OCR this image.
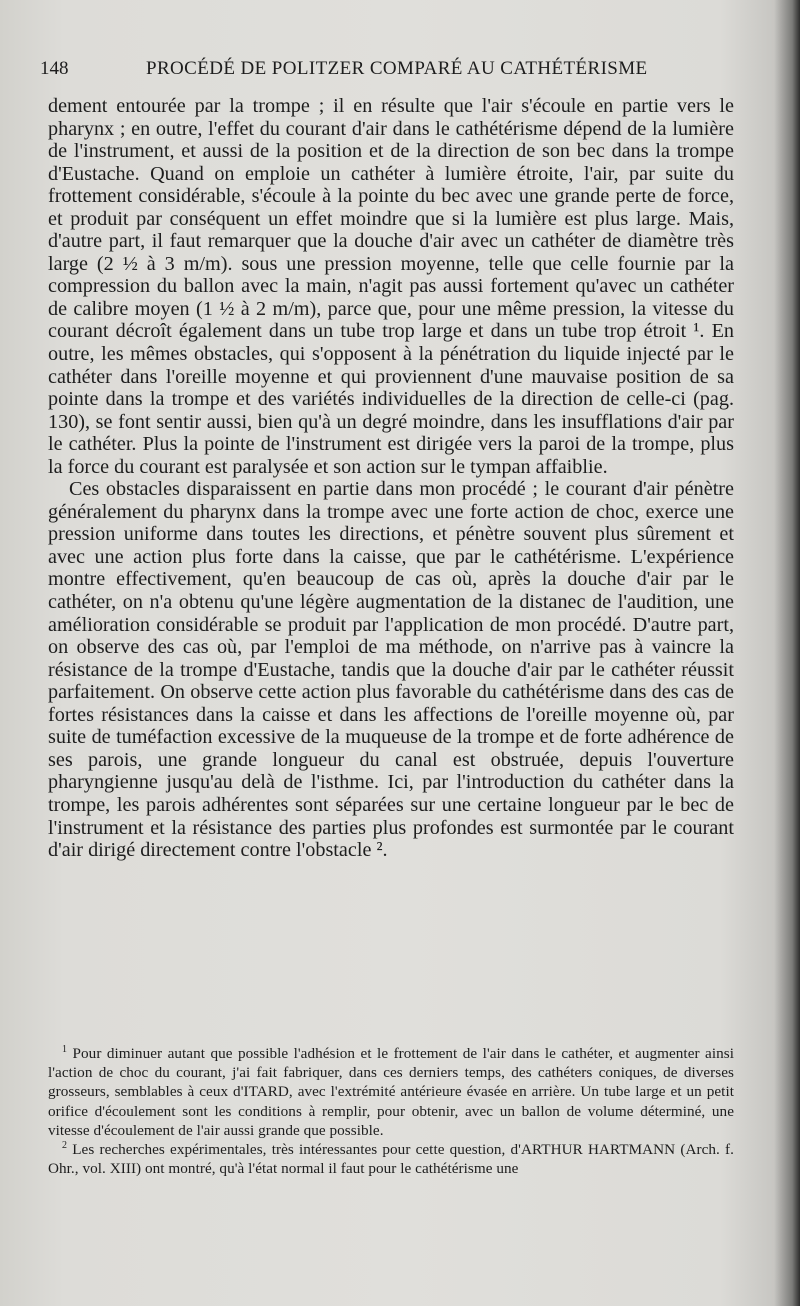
148	PROCÉDÉ DE POLITZER COMPARÉ AU CATHÉTÉRISME

dement entourée par la trompe ; il en résulte que l'air s'écoule en partie vers le pharynx ; en outre, l'effet du courant d'air dans le cathétérisme dépend de la lumière de l'instrument, et aussi de la position et de la direction de son bec dans la trompe d'Eustache. Quand on emploie un cathéter à lumière étroite, l'air, par suite du frottement considérable, s'écoule à la pointe du bec avec une grande perte de force, et produit par conséquent un effet moindre que si la lumière est plus large. Mais, d'autre part, il faut remarquer que la douche d'air avec un cathéter de diamètre très large (2 ½ à 3 m/m). sous une pression moyenne, telle que celle fournie par la compression du ballon avec la main, n'agit pas aussi fortement qu'avec un cathéter de calibre moyen (1 ½ à 2 m/m), parce que, pour une même pression, la vitesse du courant décroît également dans un tube trop large et dans un tube trop étroit ¹. En outre, les mêmes obstacles, qui s'opposent à la pénétration du liquide injecté par le cathéter dans l'oreille moyenne et qui proviennent d'une mauvaise position de sa pointe dans la trompe et des variétés individuelles de la direction de celle-ci (pag. 130), se font sentir aussi, bien qu'à un degré moindre, dans les insufflations d'air par le cathéter. Plus la pointe de l'instrument est dirigée vers la paroi de la trompe, plus la force du courant est paralysée et son action sur le tympan affaiblie.

Ces obstacles disparaissent en partie dans mon procédé ; le courant d'air pénètre généralement du pharynx dans la trompe avec une forte action de choc, exerce une pression uniforme dans toutes les directions, et pénètre souvent plus sûrement et avec une action plus forte dans la caisse, que par le cathétérisme. L'expérience montre effectivement, qu'en beaucoup de cas où, après la douche d'air par le cathéter, on n'a obtenu qu'une légère augmentation de la distanec de l'audition, une amélioration considérable se produit par l'application de mon procédé. D'autre part, on observe des cas où, par l'emploi de ma méthode, on n'arrive pas à vaincre la résistance de la trompe d'Eustache, tandis que la douche d'air par le cathéter réussit parfaitement. On observe cette action plus favorable du cathétérisme dans des cas de fortes résistances dans la caisse et dans les affections de l'oreille moyenne où, par suite de tuméfaction excessive de la muqueuse de la trompe et de forte adhérence de ses parois, une grande longueur du canal est obstruée, depuis l'ouverture pharyngienne jusqu'au delà de l'isthme. Ici, par l'introduction du cathéter dans la trompe, les parois adhérentes sont séparées sur une certaine longueur par le bec de l'instrument et la résistance des parties plus profondes est surmontée par le courant d'air dirigé directement contre l'obstacle ².

$^1$ Pour diminuer autant que possible l'adhésion et le frottement de l'air dans le cathéter, et augmenter ainsi l'action de choc du courant, j'ai fait fabriquer, dans ces derniers temps, des cathéters coniques, de diverses grosseurs, semblables à ceux d'ITARD, avec l'extrémité antérieure évasée en arrière. Un tube large et un petit orifice d'écoulement sont les conditions à remplir, pour obtenir, avec un ballon de volume déterminé, une vitesse d'écoulement de l'air aussi grande que possible.

$^2$ Les recherches expérimentales, très intéressantes pour cette question, d'ARTHUR HARTMANN (Arch. f. Ohr., vol. XIII) ont montré, qu'à l'état normal il faut pour le cathétérisme une
